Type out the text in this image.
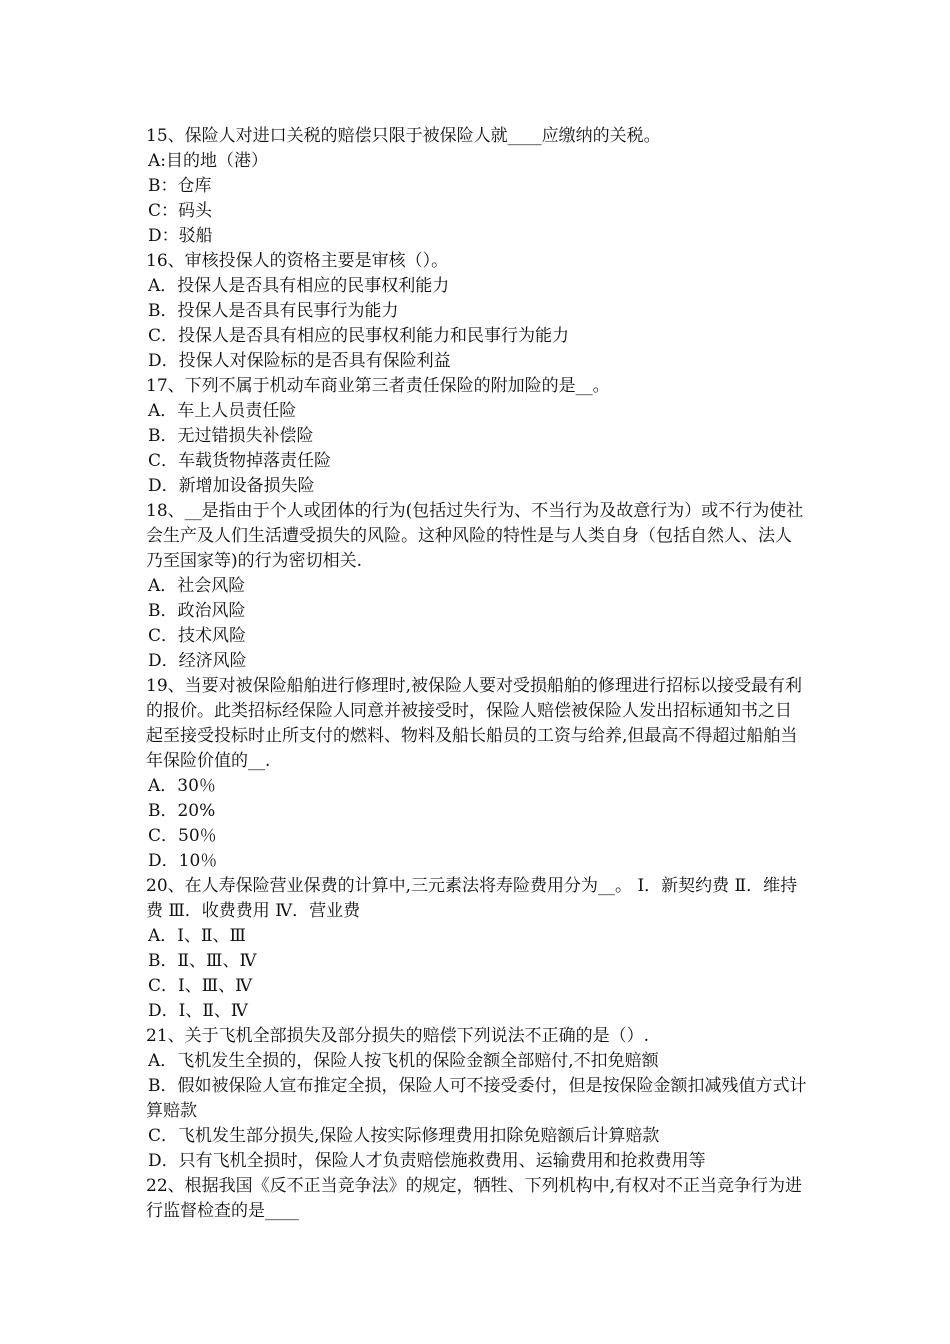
15、保险人对进口关税的赔偿只限于被保险人就____应缴纳的关税。
A:目的地（港）
B：仓库
C：码头
D：驳船
16、审核投保人的资格主要是审核（）。
A．投保人是否具有相应的民事权利能力
B．投保人是否具有民事行为能力
C．投保人是否具有相应的民事权利能力和民事行为能力
D．投保人对保险标的是否具有保险利益
17、下列不属于机动车商业第三者责任保险的附加险的是__。
A．车上人员责任险
B．无过错损失补偿险
C．车载货物掉落责任险
D．新增加设备损失险
18、__是指由于个人或团体的行为(包括过失行为、不当行为及故意行为）或不行为使社会生产及人们生活遭受损失的风险。这种风险的特性是与人类自身（包括自然人、法人乃至国家等)的行为密切相关.
A．社会风险
B．政治风险
C．技术风险
D．经济风险
19、当要对被保险船舶进行修理时,被保险人要对受损船舶的修理进行招标以接受最有利的报价。此类招标经保险人同意并被接受时，保险人赔偿被保险人发出招标通知书之日起至接受投标时止所支付的燃料、物料及船长船员的工资与给养,但最高不得超过船舶当年保险价值的__.
A．30％
B．20%
C．50％
D．10％
20、在人寿保险营业保费的计算中,三元素法将寿险费用分为__。 Ⅰ．新契约费 Ⅱ．维持费 Ⅲ．收费费用 Ⅳ．营业费
A．Ⅰ、Ⅱ、Ⅲ
B．Ⅱ、Ⅲ、Ⅳ
C．Ⅰ、Ⅲ、Ⅳ
D．Ⅰ、Ⅱ、Ⅳ
21、关于飞机全部损失及部分损失的赔偿下列说法不正确的是（）.
A．飞机发生全损的，保险人按飞机的保险金额全部赔付,不扣免赔额
B．假如被保险人宣布推定全损，保险人可不接受委付，但是按保险金额扣减残值方式计算赔款
C．飞机发生部分损失,保险人按实际修理费用扣除免赔额后计算赔款
D．只有飞机全损时，保险人才负责赔偿施救费用、运输费用和抢救费用等
22、根据我国《反不正当竞争法》的规定，牺牲、下列机构中,有权对不正当竞争行为进行监督检查的是____
